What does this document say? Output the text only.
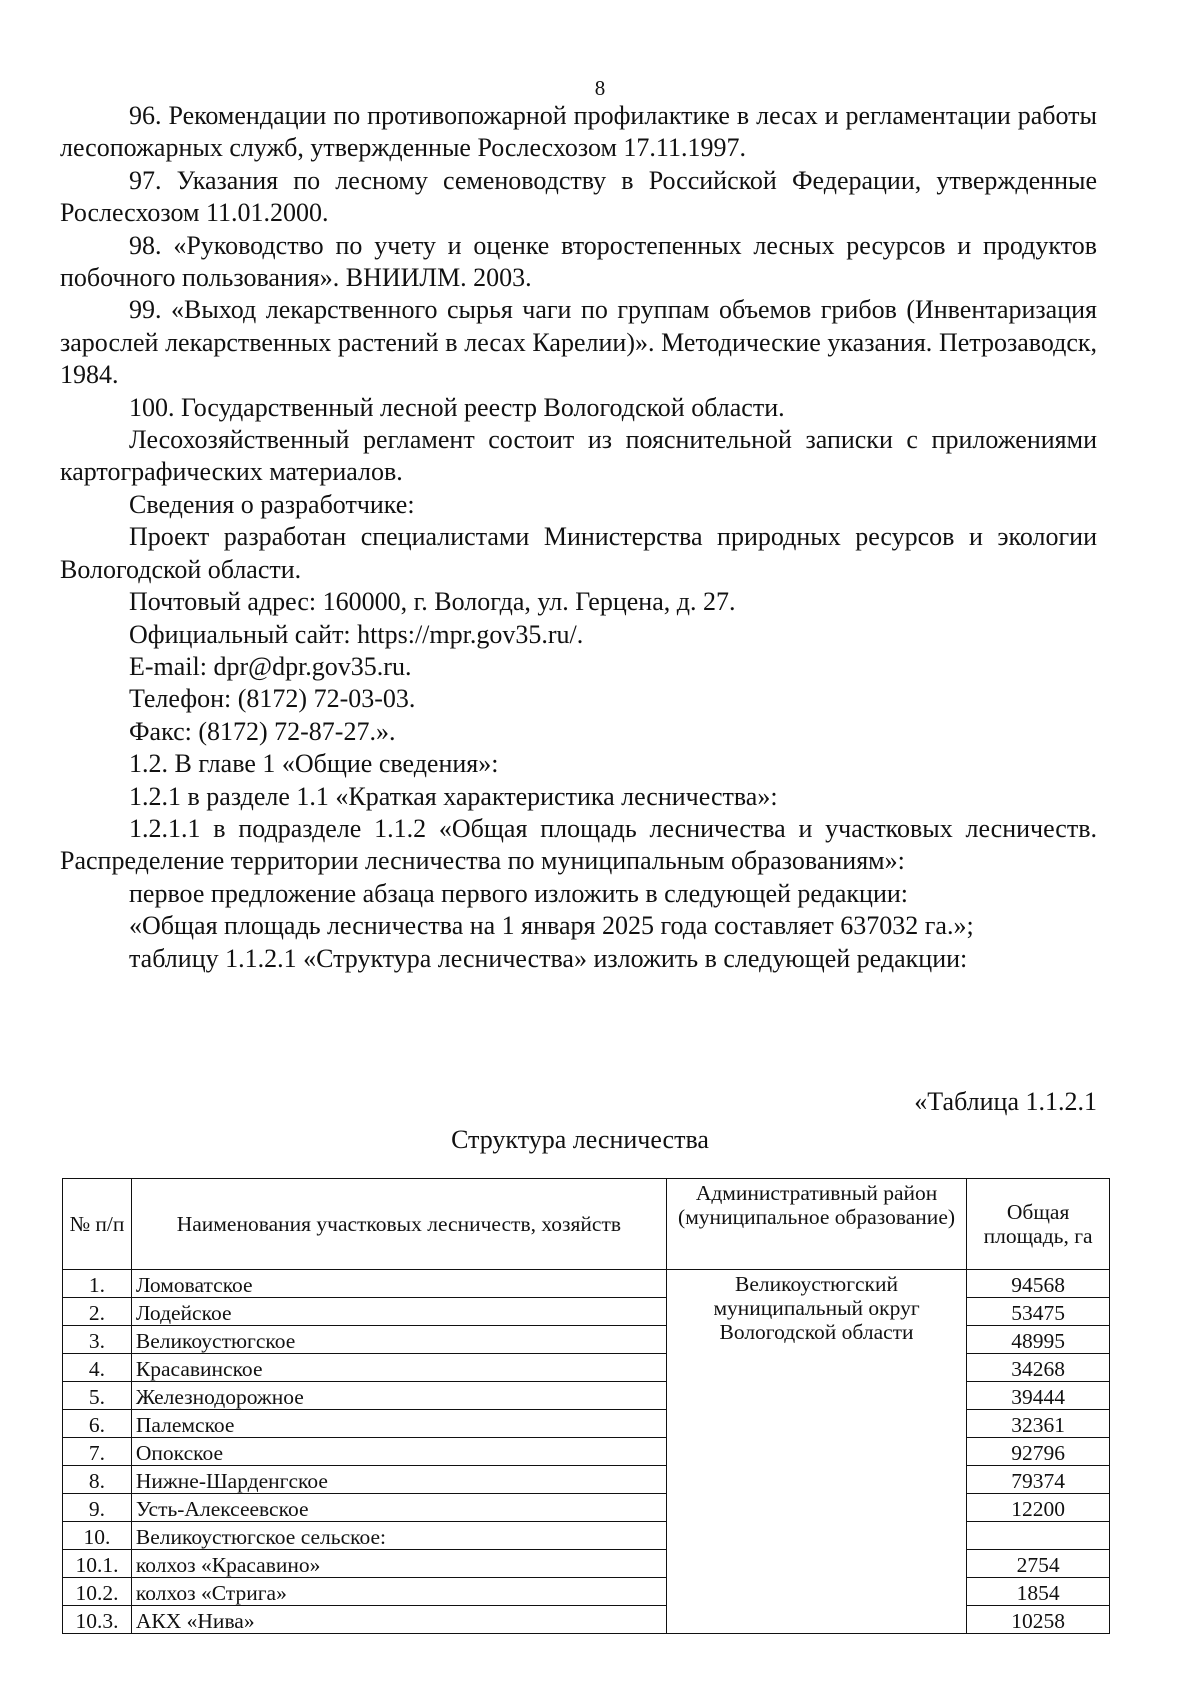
8

96. Рекомендации по противопожарной профилактике в лесах и регламентации работы лесопожарных служб, утвержденные Рослесхозом 17.11.1997.

97. Указания по лесному семеноводству в Российской Федерации, утвержденные Рослесхозом 11.01.2000.

98. «Руководство по учету и оценке второстепенных лесных ресурсов и продуктов побочного пользования». ВНИИЛМ. 2003.

99. «Выход лекарственного сырья чаги по группам объемов грибов (Инвентаризация зарослей лекарственных растений в лесах Карелии)». Методические указания. Петрозаводск, 1984.

100. Государственный лесной реестр Вологодской области.

Лесохозяйственный регламент состоит из пояснительной записки с приложениями картографических материалов.

Сведения о разработчике:

Проект разработан специалистами Министерства природных ресурсов и экологии Вологодской области.

Почтовый адрес: 160000, г. Вологда, ул. Герцена, д. 27.

Официальный сайт: https://mpr.gov35.ru/.

E-mail: dpr@dpr.gov35.ru.

Телефон: (8172) 72-03-03.

Факс: (8172) 72-87-27.».

1.2. В главе 1 «Общие сведения»:

1.2.1 в разделе 1.1 «Краткая характеристика лесничества»:

1.2.1.1 в подразделе 1.1.2 «Общая площадь лесничества и участковых лесничеств. Распределение территории лесничества по муниципальным образованиям»:

первое предложение абзаца первого изложить в следующей редакции:

«Общая площадь лесничества на 1 января 2025 года составляет 637032 га.»;

таблицу 1.1.2.1 «Структура лесничества» изложить в следующей редакции:

«Таблица 1.1.2.1
Структура лесничества
№ п/п	Наименования участковых лесничеств, хозяйств	Административный район (муниципальное образование)	Общая площадь, га
1.	Ломоватское	Великоустюгский муниципальный округ Вологодской области	94568
2.	Лодейское		53475
3.	Великоустюгское		48995
4.	Красавинское		34268
5.	Железнодорожное		39444
6.	Палемское		32361
7.	Опокское		92796
8.	Нижне-Шарденгское		79374
9.	Усть-Алексеевское		12200
10.	Великоустюгское сельское:		
10.1.	колхоз «Красавино»		2754
10.2.	колхоз «Стрига»		1854
10.3.	АКХ «Нива»		10258
